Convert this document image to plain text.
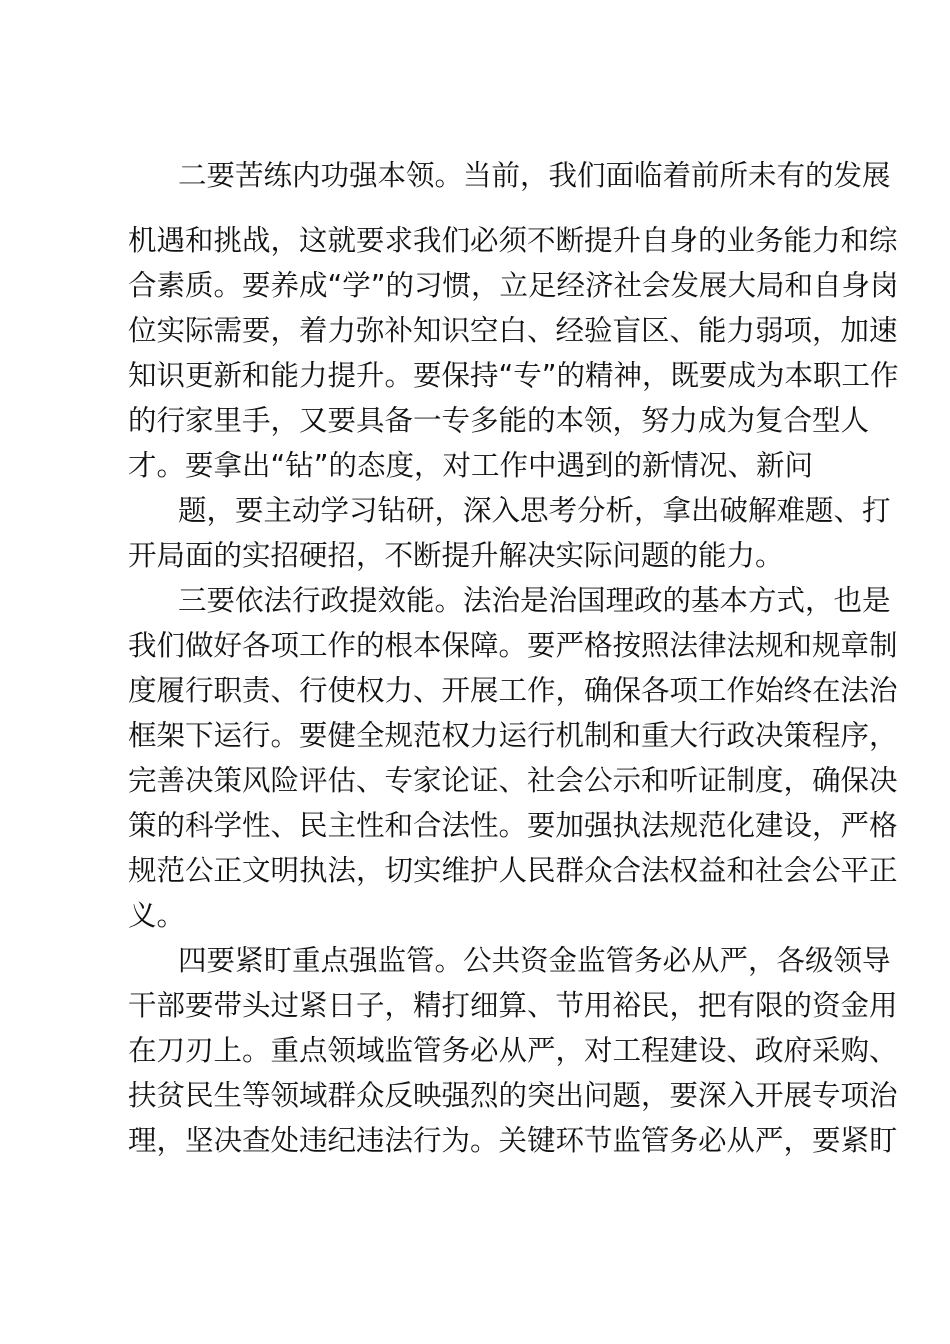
二要苦练内功强本领。当前，我们面临着前所未有的发展
机遇和挑战，这就要求我们必须不断提升自身的业务能力和综
合素质。要养成“学”的习惯，立足经济社会发展大局和自身岗
位实际需要，着力弥补知识空白、经验盲区、能力弱项，加速
知识更新和能力提升。要保持“专”的精神，既要成为本职工作
的行家里手，又要具备一专多能的本领，努力成为复合型人
才。要拿出“钻”的态度，对工作中遇到的新情况、新问
题，要主动学习钻研，深入思考分析，拿出破解难题、打
开局面的实招硬招，不断提升解决实际问题的能力。
三要依法行政提效能。法治是治国理政的基本方式，也是
我们做好各项工作的根本保障。要严格按照法律法规和规章制
度履行职责、行使权力、开展工作，确保各项工作始终在法治
框架下运行。要健全规范权力运行机制和重大行政决策程序，
完善决策风险评估、专家论证、社会公示和听证制度，确保决
策的科学性、民主性和合法性。要加强执法规范化建设，严格
规范公正文明执法，切实维护人民群众合法权益和社会公平正
义。
四要紧盯重点强监管。公共资金监管务必从严，各级领导
干部要带头过紧日子，精打细算、节用裕民，把有限的资金用
在刀刃上。重点领域监管务必从严，对工程建设、政府采购、
扶贫民生等领域群众反映强烈的突出问题，要深入开展专项治
理，坚决查处违纪违法行为。关键环节监管务必从严，要紧盯
